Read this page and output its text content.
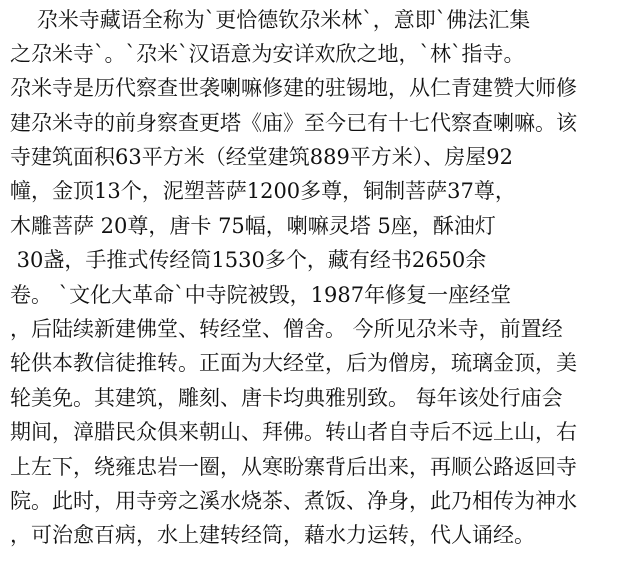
尕米寺藏语全称为`更恰德钦尕米林`，意即`佛法汇集
之尕米寺`。`尕米`汉语意为安详欢欣之地，`林`指寺。
尕米寺是历代察查世袭喇嘛修建的驻锡地，从仁青建赞大师修
建尕米寺的前身察查更塔《庙》至今已有十七代察查喇嘛。该
寺建筑面积63平方米（经堂建筑889平方米）、房屋92
幢，金顶13个，泥塑菩萨1200多尊，铜制菩萨37尊，
木雕菩萨 20尊，唐卡 75幅，喇嘛灵塔 5座，酥油灯
30盏，手推式传经筒1530多个，藏有经书2650余
卷。 `文化大革命`中寺院被毁，1987年修复一座经堂
，后陆续新建佛堂、转经堂、僧舍。 今所见尕米寺，前置经
轮供本教信徒推转。正面为大经堂，后为僧房，琉璃金顶，美
轮美免。其建筑，雕刻、唐卡均典雅别致。 每年该处行庙会
期间，漳腊民众俱来朝山、拜佛。转山者自寺后不远上山，右
上左下，绕雍忠岩一圈，从寒盼寨背后出来，再顺公路返回寺
院。此时，用寺旁之溪水烧茶、煮饭、净身，此乃相传为神水
，可治愈百病，水上建转经筒，藉水力运转，代人诵经。
